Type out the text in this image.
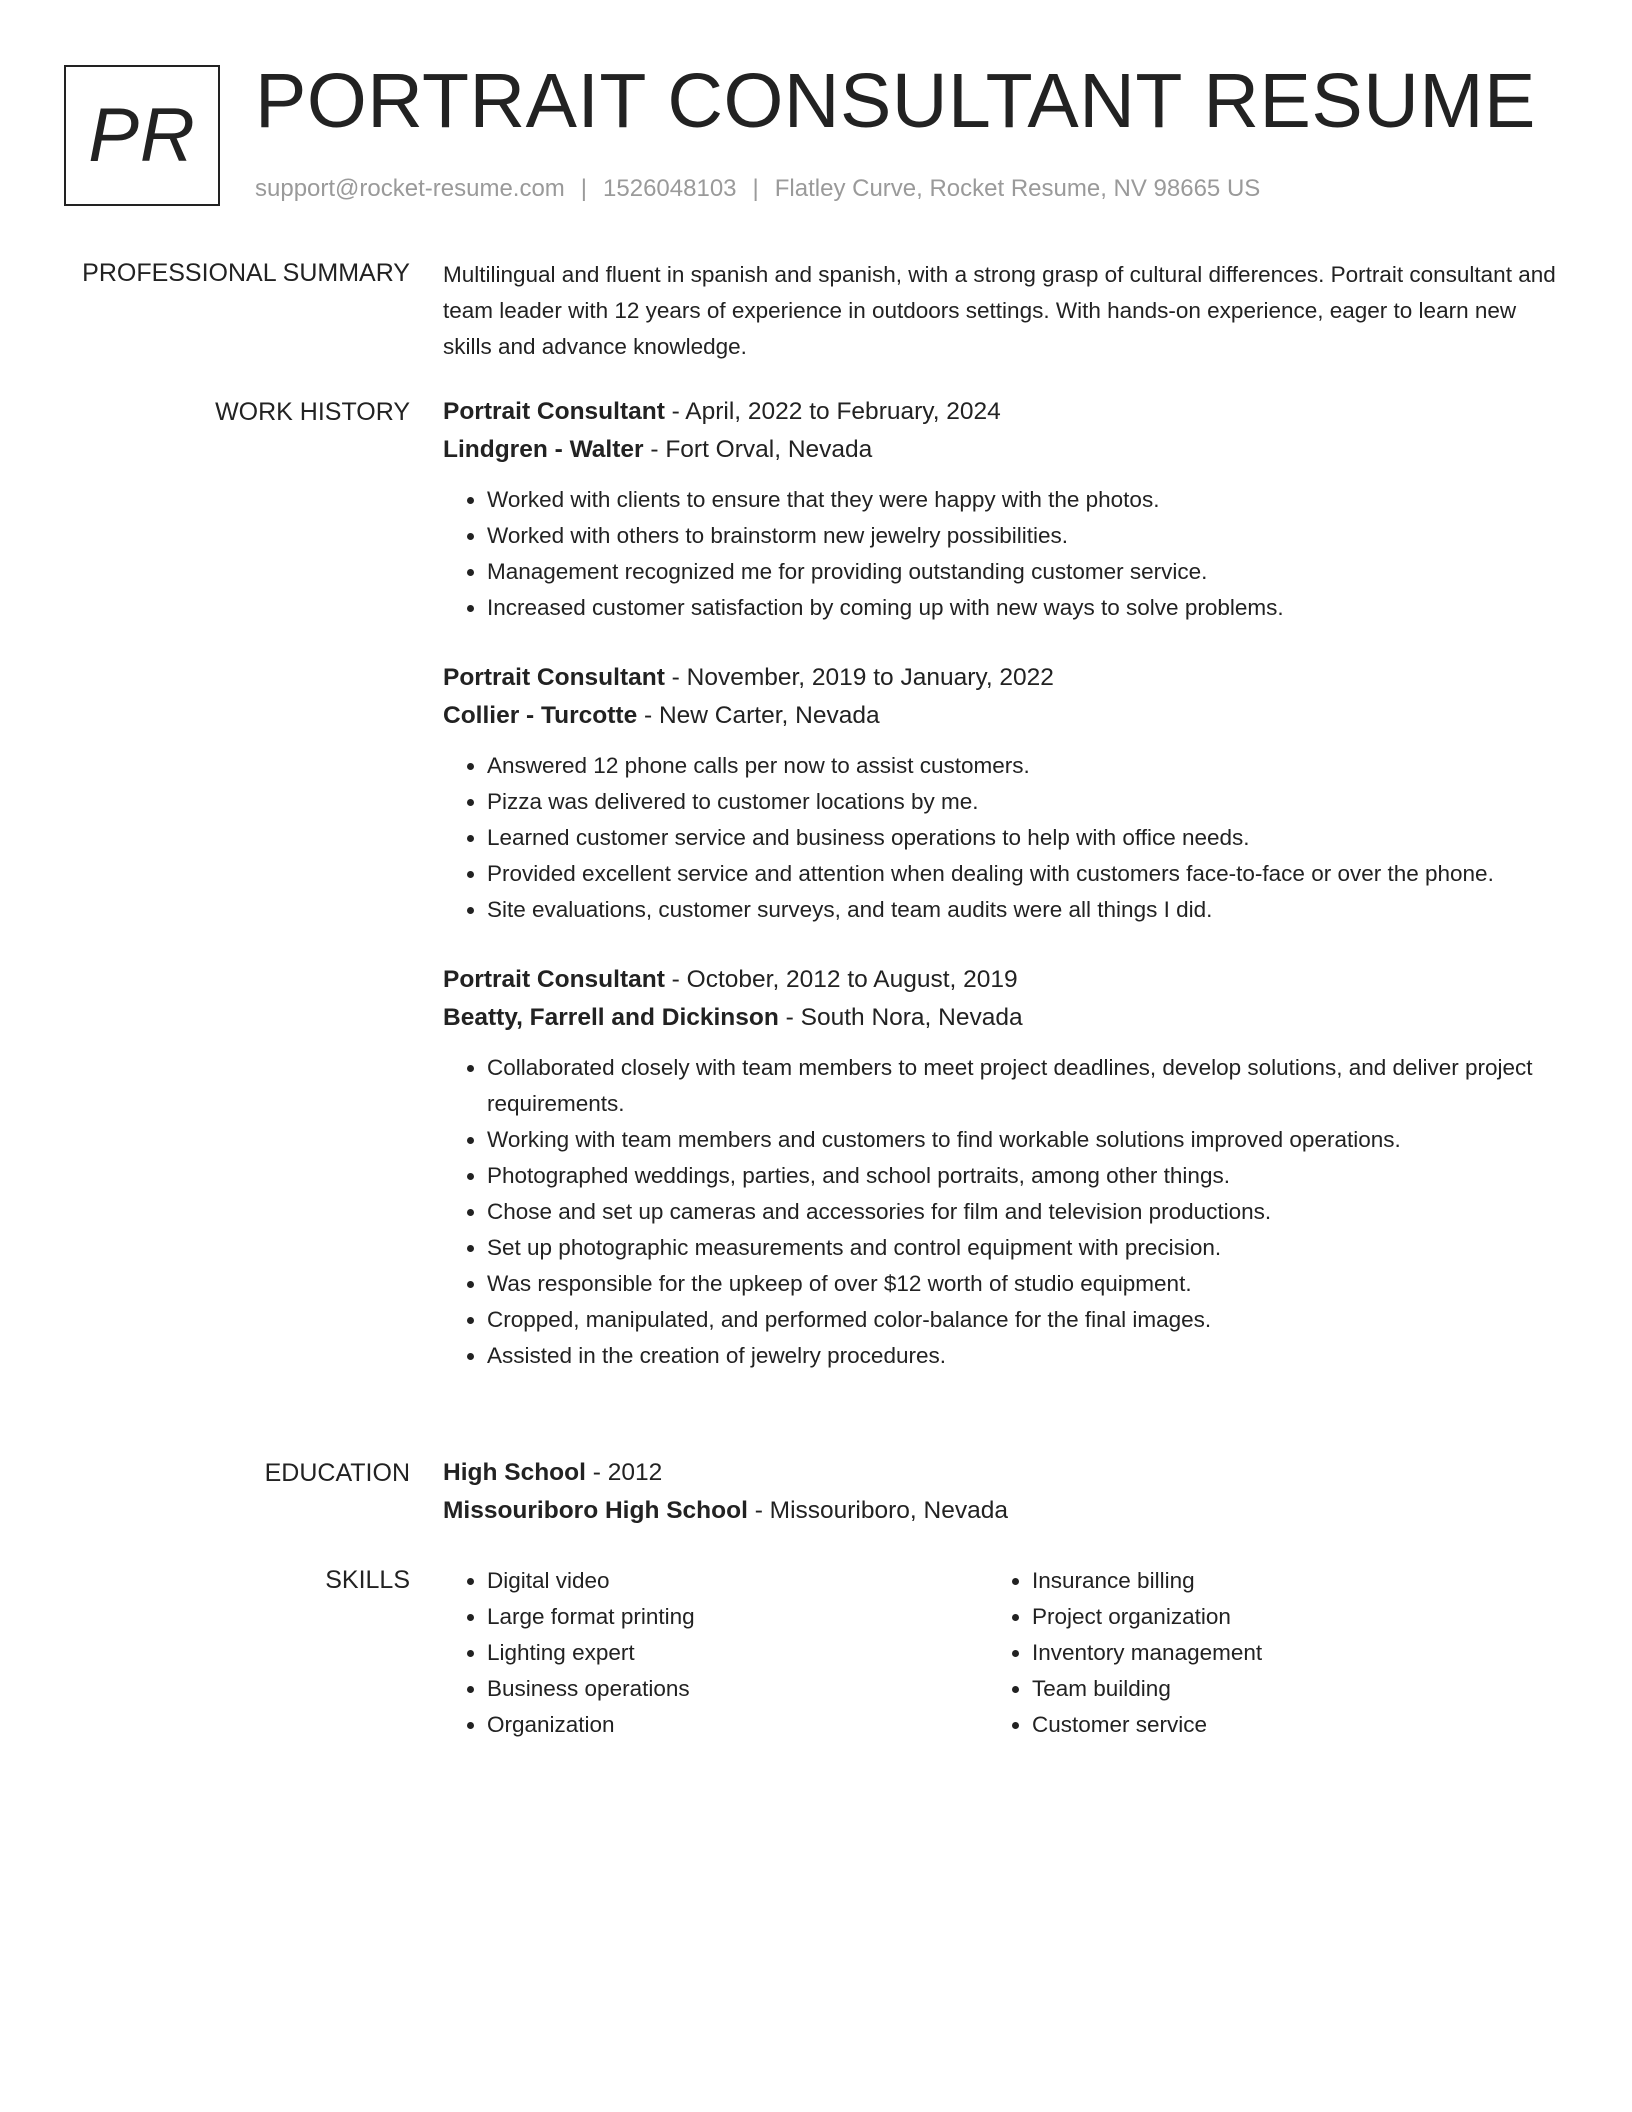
PR PORTRAIT CONSULTANT RESUME
support@rocket-resume.com | 1526048103 | Flatley Curve, Rocket Resume, NV 98665 US
PROFESSIONAL SUMMARY Multilingual and fluent in spanish and spanish, with a strong grasp of cultural differences. Portrait consultant and team leader with 12 years of experience in outdoors settings. With hands-on experience, eager to learn new skills and advance knowledge.

WORK HISTORY Portrait Consultant - April, 2022 to February, 2024
Lindgren - Walter - Fort Orval, Nevada
• Worked with clients to ensure that they were happy with the photos.
• Worked with others to brainstorm new jewelry possibilities.
• Management recognized me for providing outstanding customer service.
• Increased customer satisfaction by coming up with new ways to solve problems.
Portrait Consultant - November, 2019 to January, 2022
Collier - Turcotte - New Carter, Nevada
• Answered 12 phone calls per now to assist customers.
• Pizza was delivered to customer locations by me.
• Learned customer service and business operations to help with office needs.
• Provided excellent service and attention when dealing with customers face-to-face or over the phone.
• Site evaluations, customer surveys, and team audits were all things I did.
Portrait Consultant - October, 2012 to August, 2019
Beatty, Farrell and Dickinson - South Nora, Nevada
• Collaborated closely with team members to meet project deadlines, develop solutions, and deliver project requirements.
• Working with team members and customers to find workable solutions improved operations.
• Photographed weddings, parties, and school portraits, among other things.
• Chose and set up cameras and accessories for film and television productions.
• Set up photographic measurements and control equipment with precision.
• Was responsible for the upkeep of over $12 worth of studio equipment.
• Cropped, manipulated, and performed color-balance for the final images.
• Assisted in the creation of jewelry procedures.
EDUCATION High School - 2012
Missouriboro High School - Missouriboro, Nevada
SKILLS
•	Digital video
• Large format printing
• Lighting expert
• Business operations
• Organization
• Insurance billing
• Project organization
• Inventory management
• Team building
• Customer service
